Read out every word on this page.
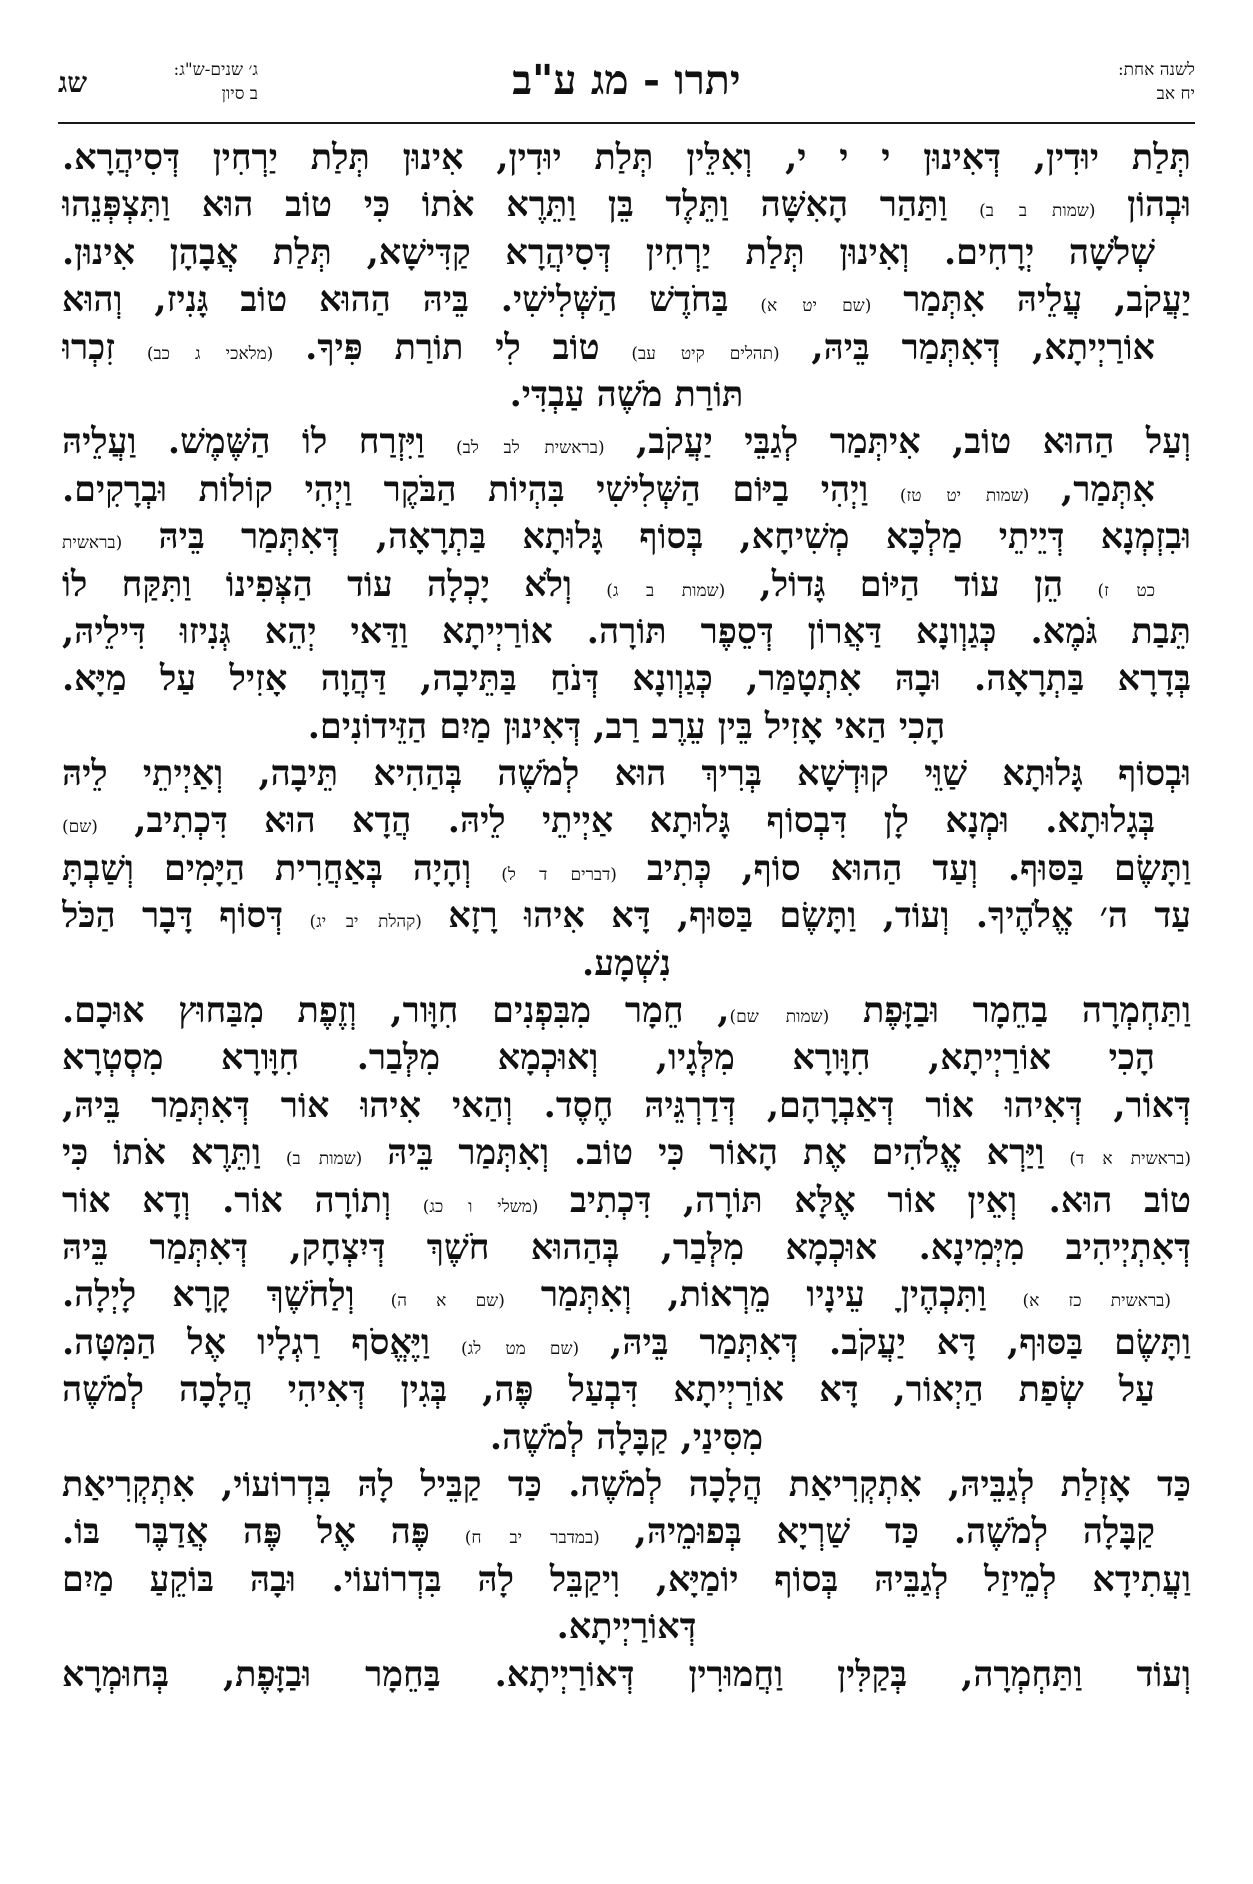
לשנה אחת:
יח אב
יתרו - מג ע"ב
שג	ג׳ שנים-ש"ג:
ב סיון
תְּלַת יוּדִין, דְּאִינוּן י י י, וְאִלֵּין תְּלַת יוּדִין, אִינוּן תְּלַת יַרְחִין דְּסִיהֲרָא.
וּבְהוֹן (שמות ב ב) וַתַּהַר הָאִשָּׁה וַתֵּלֶד בֵּן וַתֵּרֶא אֹתוֹ כִּי טוֹב הוּא וַתִּצְפְּנֵהוּ
שְׁלֹשָׁה יְרָחִים. וְאִינוּן תְּלַת יַרְחִין דְּסִיהֲרָא קַדִּישָׁא, תְּלַת אֲבָהָן אִינוּן.
יַעֲקֹב, עֲלֵיהּ אִתְּמַר (שם יט א) בַּחֹדֶשׁ הַשְּׁלִישִׁי. בֵּיהּ הַהוּא טוֹב גָּנִיז, וְהוּא
אוֹרַיְיתָא, דְּאִתְּמַר בֵּיהּ, (תהלים קיט עב) טוֹב לִי תוֹרַת פִּיךָ. (מלאכי ג כב) זִכְרוּ
תּוֹרַת מֹשֶׁה עַבְדִּי.
וְעַל הַהוּא טוֹב, אִיתְּמַר לְגַבֵּי יַעֲקֹב, (בראשית לב לב) וַיִּזְרַח לוֹ הַשֶּׁמֶשׁ. וַעֲלֵיהּ
אִתְּמַר, (שמות יט טז) וַיְהִי בַיּוֹם הַשְּׁלִישִׁי בִּהְיוֹת הַבֹּקֶר וַיְהִי קוֹלוֹת וּבְרָקִים.
וּבִזְמְנָא דְּיֵיתֵי מַלְכָּא מְשִׁיחָא, בְּסוֹף גָּלוּתָא בַּתְרָאָה, דְּאִתְּמַר בֵּיהּ (בראשית
כט ז) הֵן עוֹד הַיּוֹם גָּדוֹל, (שמות ב ג) וְלֹא יָכְלָה עוֹד הַצְּפִינוֹ וַתִּקַּח לוֹ
תֵּבַת גֹּמֶא. כְּגַוְונָא דַּאֲרוֹן דְּסֵפֶר תּוֹרָה. אוֹרַיְיתָא וַדַּאי יְהֵא גְּנִיזוּ דִּילֵיהּ,
בְּדָרָא בַּתְרָאָה. וּבָהּ אִתְטָמַּר, כְּגַוְונָא דְּנֹחַ בַּתֵּיבָה, דַּהֲוָה אָזִיל עַל מַיָּא.
הָכִי הַאי אָזִיל בֵּין עֵרֶב רַב, דְּאִינוּן מַיִם הַזֵּידוֹנִים.
וּבְסוֹף גָּלוּתָא שַׁוֵּי קוּדְשָׁא בְּרִיךְ הוּא לְמֹשֶׁה בְּהַהִיא תֵּיבָה, וְאַיְיתֵי לֵיהּ
בְּגָלוּתָא. וּמְנָא לָן דִּבְסוֹף גָּלוּתָא אַיְיתֵי לֵיהּ. הֲדָא הוּא דִּכְתִיב, (שם)
וַתָּשֶׂם בַּסּוּף. וְעַד הַהוּא סוֹף, כְּתִיב (דברים ד ל) וְהָיָה בְּאַחֲרִית הַיָּמִים וְשַׁבְתָּ
עַד ה׳ אֱלֹהֶיךָ. וְעוֹד, וַתָּשֶׂם בַּסּוּף, דָּא אִיהוּ רָזָא (קהלת יב יג) דְּסוֹף דָּבָר הַכֹּל
נִשְׁמָע.
וַתַּחְמְרָה בַחֵמָר וּבַזָּפֶת (שמות שם), חֵמָר מִבִּפְנִים חִוָּור, וְזֶפֶת מִבַּחוּץ אוּכָם.
הָכִי אוֹרַיְיתָא, חִוָּורָא מִלְּגָיו, וְאוּכְמָא מִלְּבַר. חִוָּורָא מִסְטְרָא
דְּאוֹר, דְּאִיהוּ אוֹר דְּאַבְרָהָם, דְּדַרְגֵּיהּ חֶסֶד. וְהַאי אִיהוּ אוֹר דְּאִתְּמַר בֵּיהּ,
(בראשית א ד) וַיַּרְא אֱלֹהִים אֶת הָאוֹר כִּי טוֹב. וְאִתְּמַר בֵּיהּ (שמות ב) וַתֵּרֶא אֹתוֹ כִּי
טוֹב הוּא. וְאֵין אוֹר אֶלָּא תּוֹרָה, דִּכְתִיב (משלי ו כג) וְתוֹרָה אוֹר. וְדָא אוֹר
דְּאִתְיְיהִיב מִיְּמִינָא. אוּכְמָא מִלְּבַר, בְּהַהוּא חֹשֶׁךְ דְּיִצְחָק, דְּאִתְּמַר בֵּיהּ
(בראשית כז א) וַתִּכְהֶיןָ עֵינָיו מֵרְאוֹת, וְאִתְּמַר (שם א ה) וְלַחֹשֶׁךְ קָרָא לָיְלָה.
וַתָּשֶׂם בַּסּוּף, דָּא יַעֲקֹב. דְּאִתְּמַר בֵּיהּ, (שם מט לג) וַיֶּאֱסֹף רַגְלָיו אֶל הַמִּטָּה.
עַל שְׂפַת הַיְאוֹר, דָּא אוֹרַיְיתָא דִּבְעַל פֶּה, בְּגִין דְּאִיהִי הֲלָכָה לְמֹשֶׁה
מִסִּינַי, קַבָּלָה לְמֹשֶׁה.
כַּד אָזְלַת לְגַבֵּיהּ, אִתְקְרִיאַת הֲלָכָה לְמֹשֶׁה. כַּד קַבֵּיל לָהּ בִּדְרוֹעוֹי, אִתְקְרִיאַת
קַבָּלָה לְמֹשֶׁה. כַּד שַׁרְיָא בְּפוּמֵיהּ, (במדבר יב ח) פֶּה אֶל פֶּה אֲדַבֶּר בּוֹ.
וַעֲתִידָא לְמֵיזַל לְגַבֵּיהּ בְּסוֹף יוֹמַיָּא, וִיקַבֵּל לָהּ בִּדְרוֹעוֹי. וּבָהּ בּוֹקֵעַ מַיִם
דְּאוֹרַיְיתָא.
וְעוֹד וַתַּחְמְרָה, בְּקַלִּין וַחֲמוּרִין דְּאוֹרַיְיתָא. בַּחֵמָר וּבַזָּפֶת, בְּחוּמְרָא
